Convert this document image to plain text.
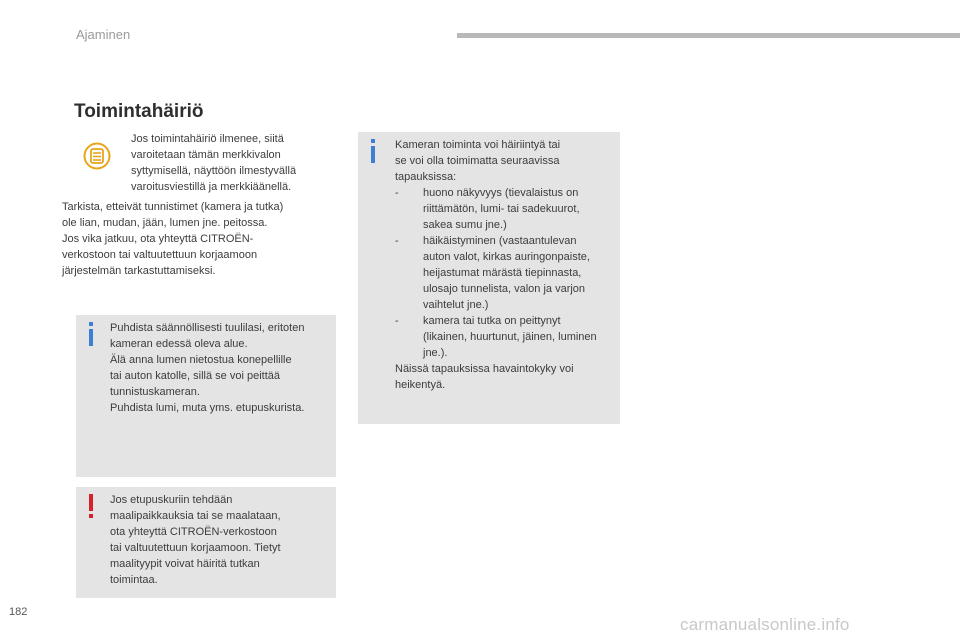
Ajaminen
Toimintahäiriö
Jos toimintahäiriö ilmenee, siitä
varoitetaan tämän merkkivalon
syttymisellä, näyttöön ilmestyvällä
varoitusviestillä ja merkkiäänellä.
Tarkista, etteivät tunnistimet (kamera ja tutka)
ole lian, mudan, jään, lumen jne. peitossa.
Jos vika jatkuu, ota yhteyttä CITROËN-
verkostoon tai valtuutettuun korjaamoon
järjestelmän tarkastuttamiseksi.
Puhdista säännöllisesti tuulilasi, eritoten
kameran edessä oleva alue.
Älä anna lumen nietostua konepellille
tai auton katolle, sillä se voi peittää
tunnistuskameran.
Puhdista lumi, muta yms. etupuskurista.
Jos etupuskuriin tehdään
maalipaikkauksia tai se maalataan,
ota yhteyttä CITROËN-verkostoon
tai valtuutettuun korjaamoon. Tietyt
maalityypit voivat häiritä tutkan
toimintaa.
Kameran toiminta voi häiriintyä tai
se voi olla toimimatta seuraavissa
tapauksissa:
- huono näkyvyys (tievalaistus on
riittämätön, lumi- tai sadekuurot,
sakea sumu jne.)
- häikäistyminen (vastaantulevan
auton valot, kirkas auringonpaiste,
heijastumat märästä tiepinnasta,
ulosajo tunnelista, valon ja varjon
vaihtelut jne.)
- kamera tai tutka on peittynyt
(likainen, huurtunut, jäinen, luminen
jne.).
Näissä tapauksissa havaintokyky voi
heikentyä.
182
carmanualsonline.info
